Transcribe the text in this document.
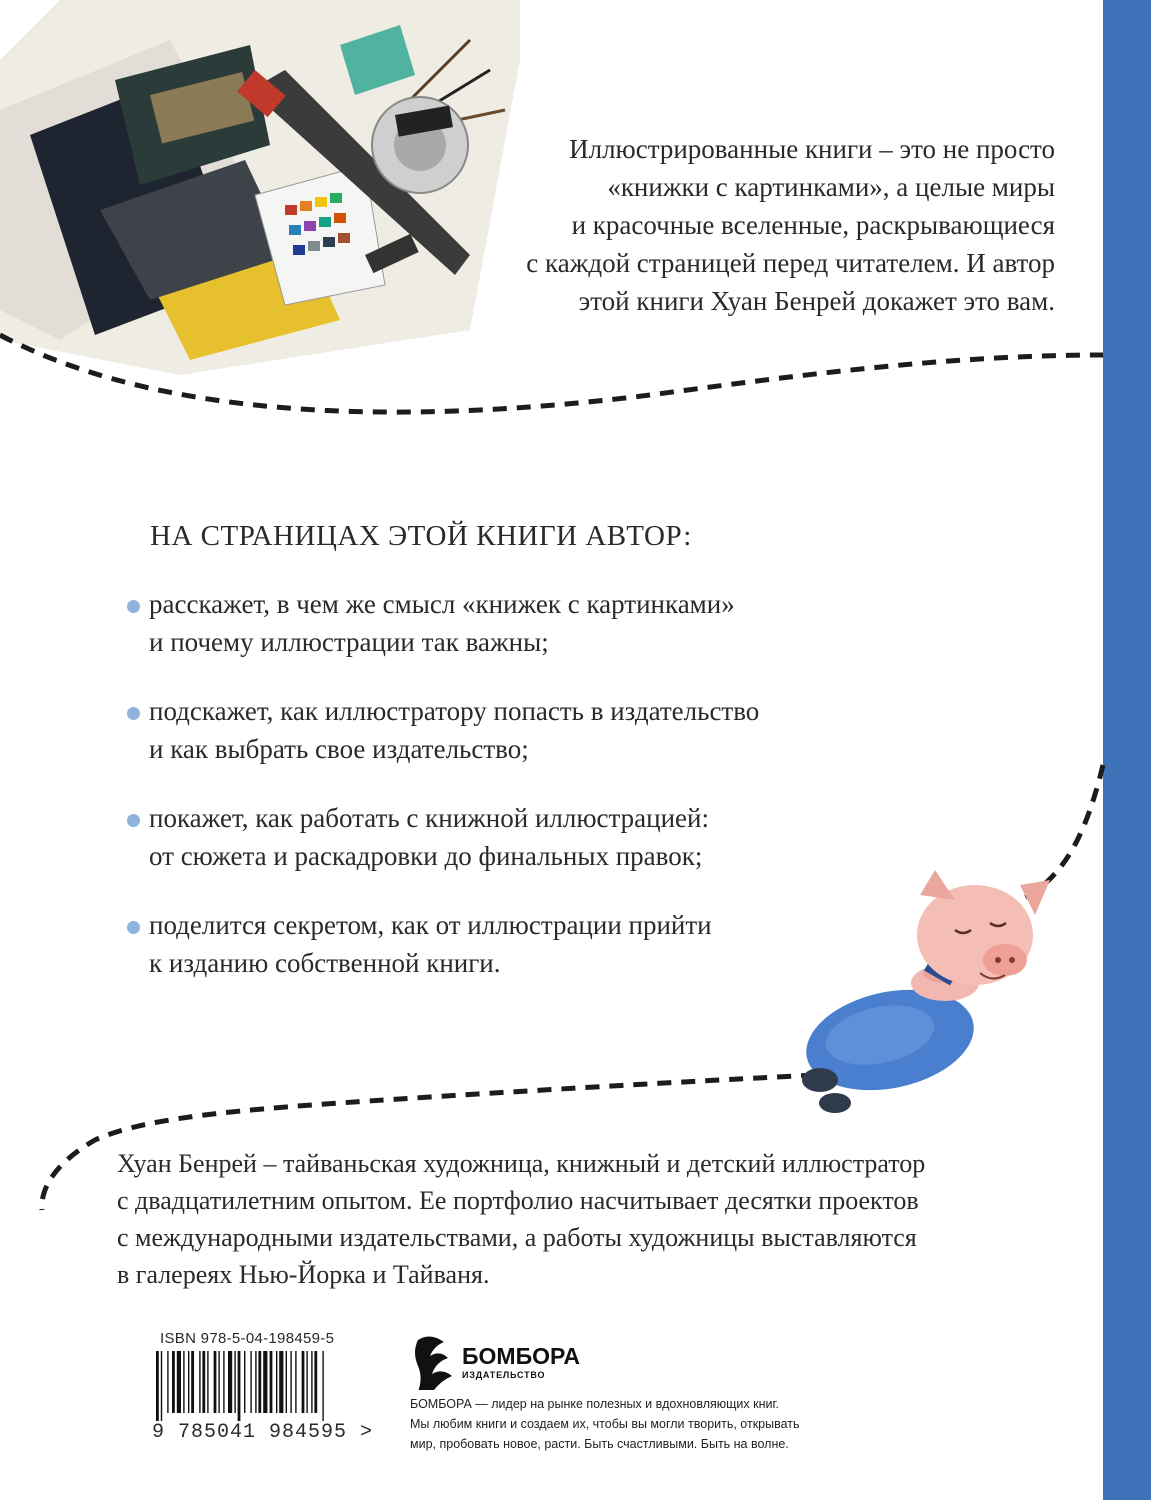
Иллюстрированные книги – это не просто
«книжки с картинками», а целые миры
и красочные вселенные, раскрывающиеся
с каждой страницей перед читателем. И автор
этой книги Хуан Бенрей докажет это вам.

НА СТРАНИЦАХ ЭТОЙ КНИГИ АВТОР:
расскажет, в чем же смысл «книжек с картинками»
и почему иллюстрации так важны;
подскажет, как иллюстратору попасть в издательство
и как выбрать свое издательство;
покажет, как работать с книжной иллюстрацией:
от сюжета и раскадровки до финальных правок;
поделится секретом, как от иллюстрации прийти
к изданию собственной книги.

Хуан Бенрей – тайваньская художница, книжный и детский иллюстратор
с двадцатилетним опытом. Ее портфолио насчитывает десятки проектов
с международными издательствами, а работы художницы выставляются
в галереях Нью-Йорка и Тайваня.

ISBN 978-5-04-198459-5

9 785041 984595 >

БОМБОРА

ИЗДАТЕЛЬСТВО

БОМБОРА — лидер на рынке полезных и вдохновляющих книг.
Мы любим книги и создаем их, чтобы вы могли творить, открывать
мир, пробовать новое, расти. Быть счастливыми. Быть на волне.
